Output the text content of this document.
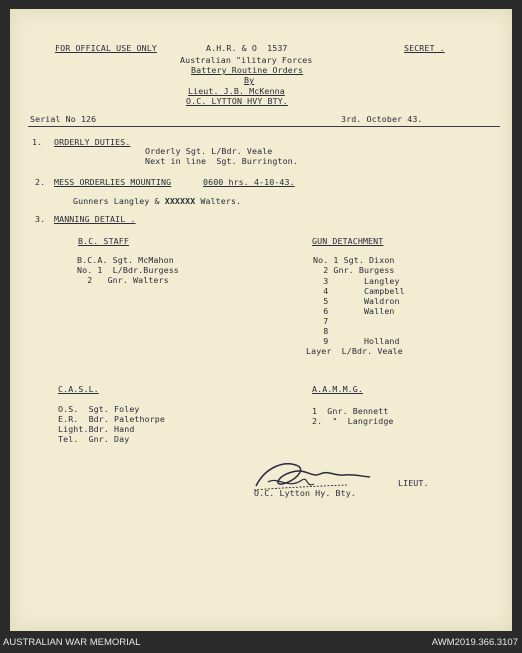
FOR OFFICAL USE ONLY	A.H.R. & O  1537	SECRET .
Australian "ilitary Forces
Battery Routine Orders
By
Lieut. J.B. McKenna
O.C. LYTTON HVY BTY.
Serial No 126	3rd. October 43.
1. ORDERLY DUTIES.
Orderly Sgt. L/Bdr. Veale
Next in line  Sgt. Burrington.
2. MESS ORDERLIES MOUNTING	0600 hrs. 4-10-43.
Gunners Langley & XXXXXX Walters.
3. MANNING DETAIL .
B.C. STAFF
B.C.A. Sgt. McMahon
No. 1  L/Bdr.Burgess
2   Gnr. Walters
GUN DETACHMENT
No. 1 Sgt. Dixon
2 Gnr. Burgess
3       Langley
4       Campbell
5       Waldron
6       Wallen
7
8
9       Holland
Layer  L/Bdr. Veale
C.A.S.L.
O.S.  Sgt. Foley
E.R.  Bdr. Palethorpe
Light.Bdr. Hand
Tel.  Gnr. Day
A.A.M.M.G.
1  Gnr. Bennett
2.  "  Langridge
LIEUT.
O.C. Lytton Hy. Bty.
AUSTRALIAN WAR MEMORIAL	AWM2019.366.3107
